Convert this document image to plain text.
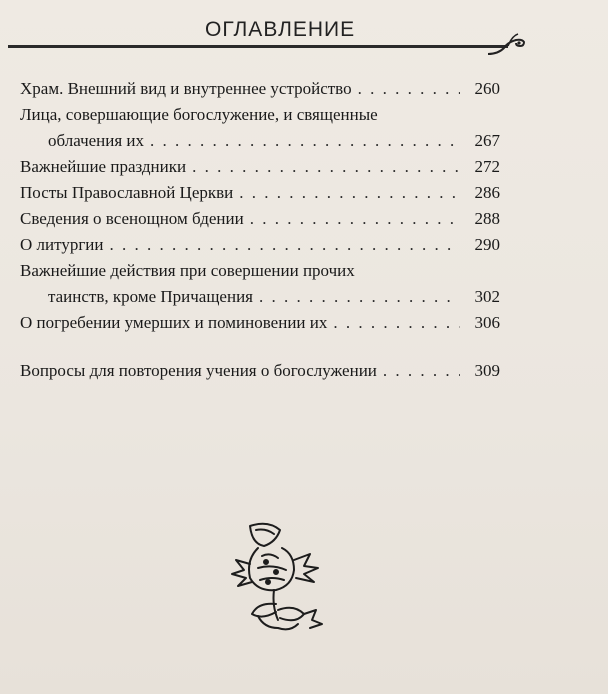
ОГЛАВЛЕНИЕ
Храм. Внешний вид и внутреннее устройство . . .	260
Лица, совершающие богослужение, и священные
облачения их . . .	267
Важнейшие праздники . . .	272
Посты Православной Церкви . . .	286
Сведения о всенощном бдении . . .	288
О литургии . . .	290
Важнейшие действия при совершении прочих
таинств, кроме Причащения . . .	302
О погребении умерших и поминовении их . . .	306
Вопросы для повторения учения о богослужении . . .	309
